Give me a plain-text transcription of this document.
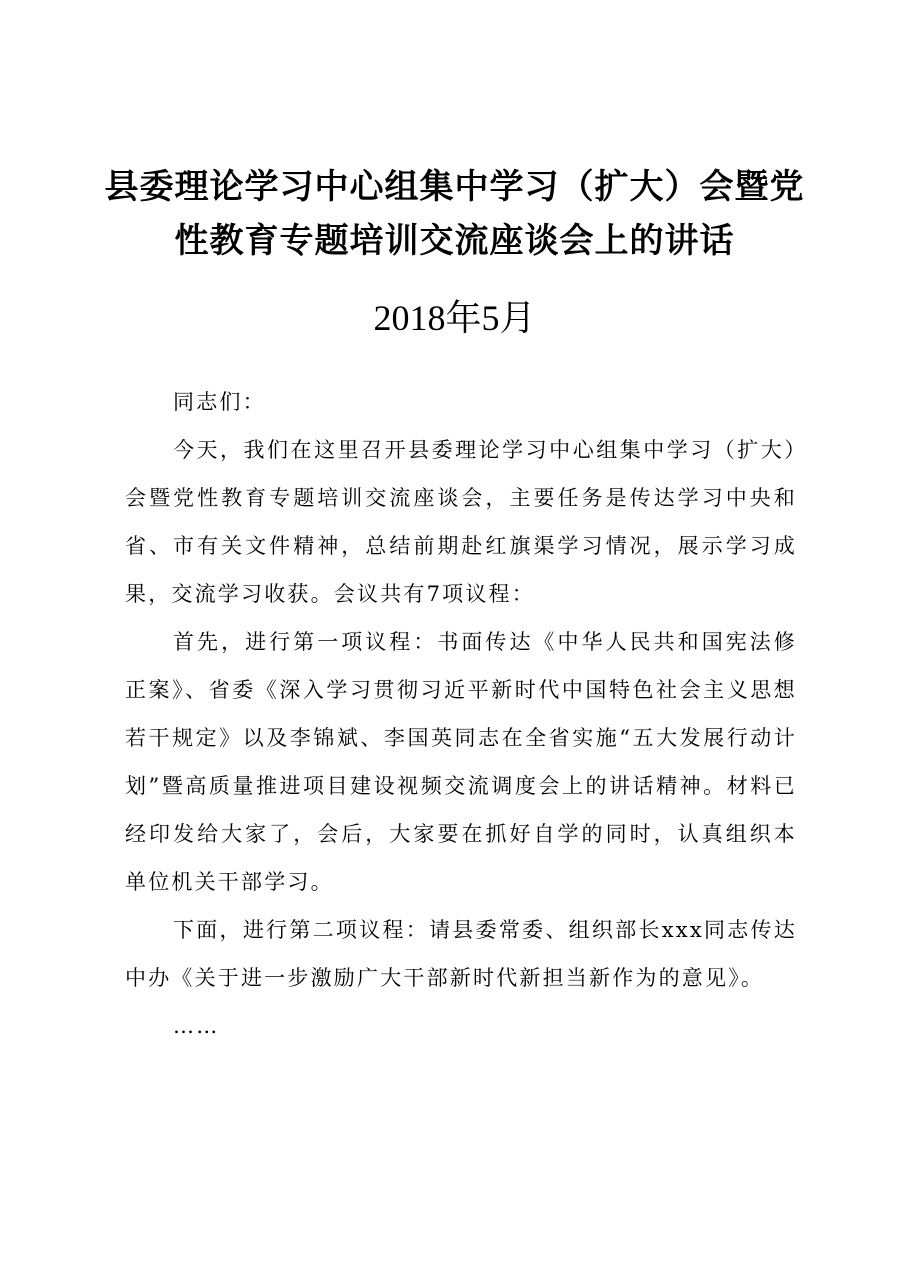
县委理论学习中心组集中学习（扩大）会暨党
性教育专题培训交流座谈会上的讲话
2018年5月

同志们：

今天，我们在这里召开县委理论学习中心组集中学习（扩大）会暨党性教育专题培训交流座谈会，主要任务是传达学习中央和省、市有关文件精神，总结前期赴红旗渠学习情况，展示学习成果，交流学习收获。会议共有7项议程：

首先，进行第一项议程：书面传达《中华人民共和国宪法修正案》、省委《深入学习贯彻习近平新时代中国特色社会主义思想若干规定》以及李锦斌、李国英同志在全省实施“五大发展行动计划”暨高质量推进项目建设视频交流调度会上的讲话精神。材料已经印发给大家了，会后，大家要在抓好自学的同时，认真组织本单位机关干部学习。

下面，进行第二项议程：请县委常委、组织部长xxx同志传达中办《关于进一步激励广大干部新时代新担当新作为的意见》。

……
